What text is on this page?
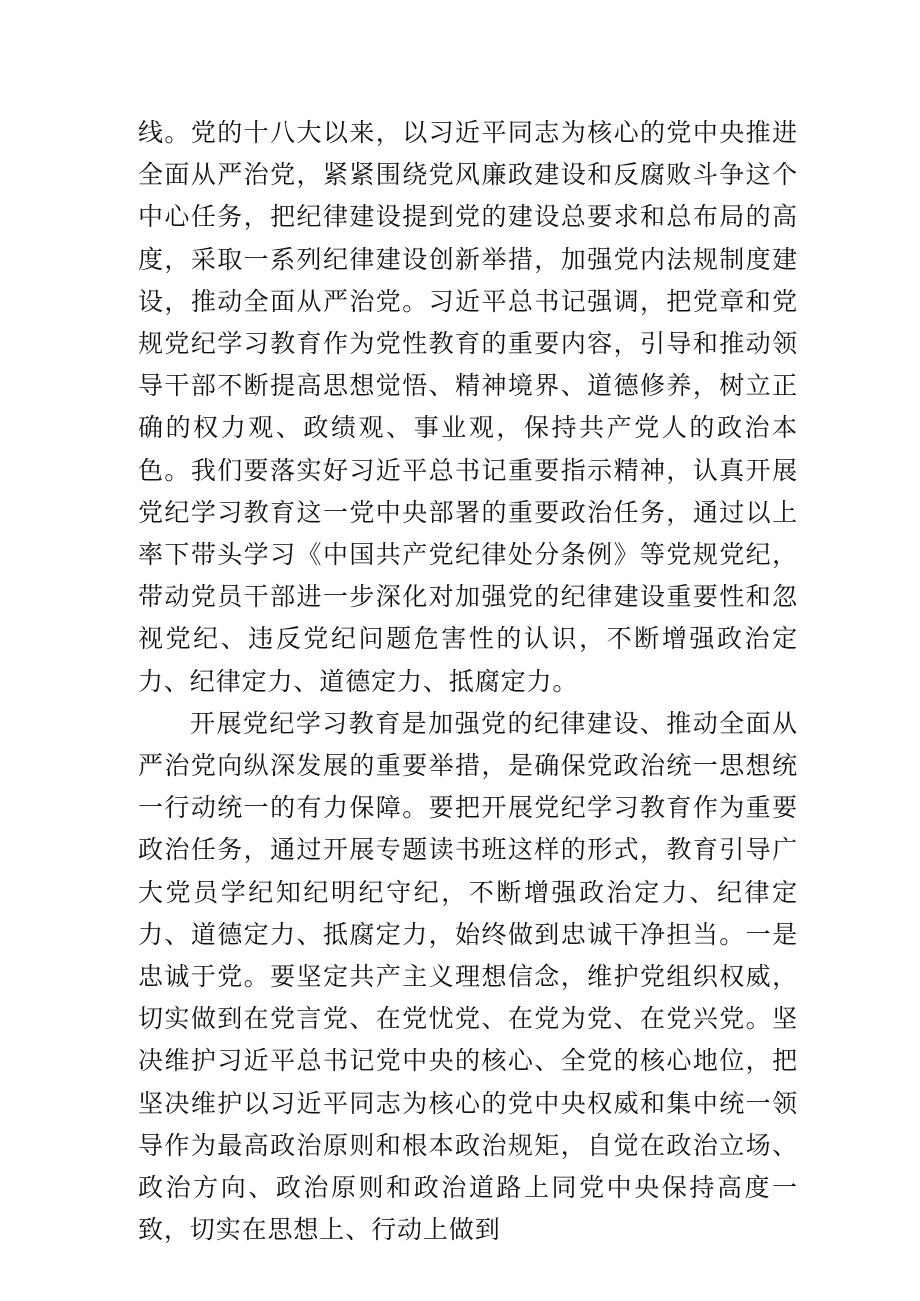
线。党的十八大以来，以习近平同志为核心的党中央推进全面从严治党，紧紧围绕党风廉政建设和反腐败斗争这个中心任务，把纪律建设提到党的建设总要求和总布局的高度，采取一系列纪律建设创新举措，加强党内法规制度建设，推动全面从严治党。习近平总书记强调，把党章和党规党纪学习教育作为党性教育的重要内容，引导和推动领导干部不断提高思想觉悟、精神境界、道德修养，树立正确的权力观、政绩观、事业观，保持共产党人的政治本色。我们要落实好习近平总书记重要指示精神，认真开展党纪学习教育这一党中央部署的重要政治任务，通过以上率下带头学习《中国共产党纪律处分条例》等党规党纪，带动党员干部进一步深化对加强党的纪律建设重要性和忽视党纪、违反党纪问题危害性的认识，不断增强政治定力、纪律定力、道德定力、抵腐定力。

开展党纪学习教育是加强党的纪律建设、推动全面从严治党向纵深发展的重要举措，是确保党政治统一思想统一行动统一的有力保障。要把开展党纪学习教育作为重要政治任务，通过开展专题读书班这样的形式，教育引导广大党员学纪知纪明纪守纪，不断增强政治定力、纪律定力、道德定力、抵腐定力，始终做到忠诚干净担当。一是忠诚于党。要坚定共产主义理想信念，维护党组织权威，切实做到在党言党、在党忧党、在党为党、在党兴党。坚决维护习近平总书记党中央的核心、全党的核心地位，把坚决维护以习近平同志为核心的党中央权威和集中统一领导作为最高政治原则和根本政治规矩，自觉在政治立场、政治方向、政治原则和政治道路上同党中央保持高度一致，切实在思想上、行动上做到
